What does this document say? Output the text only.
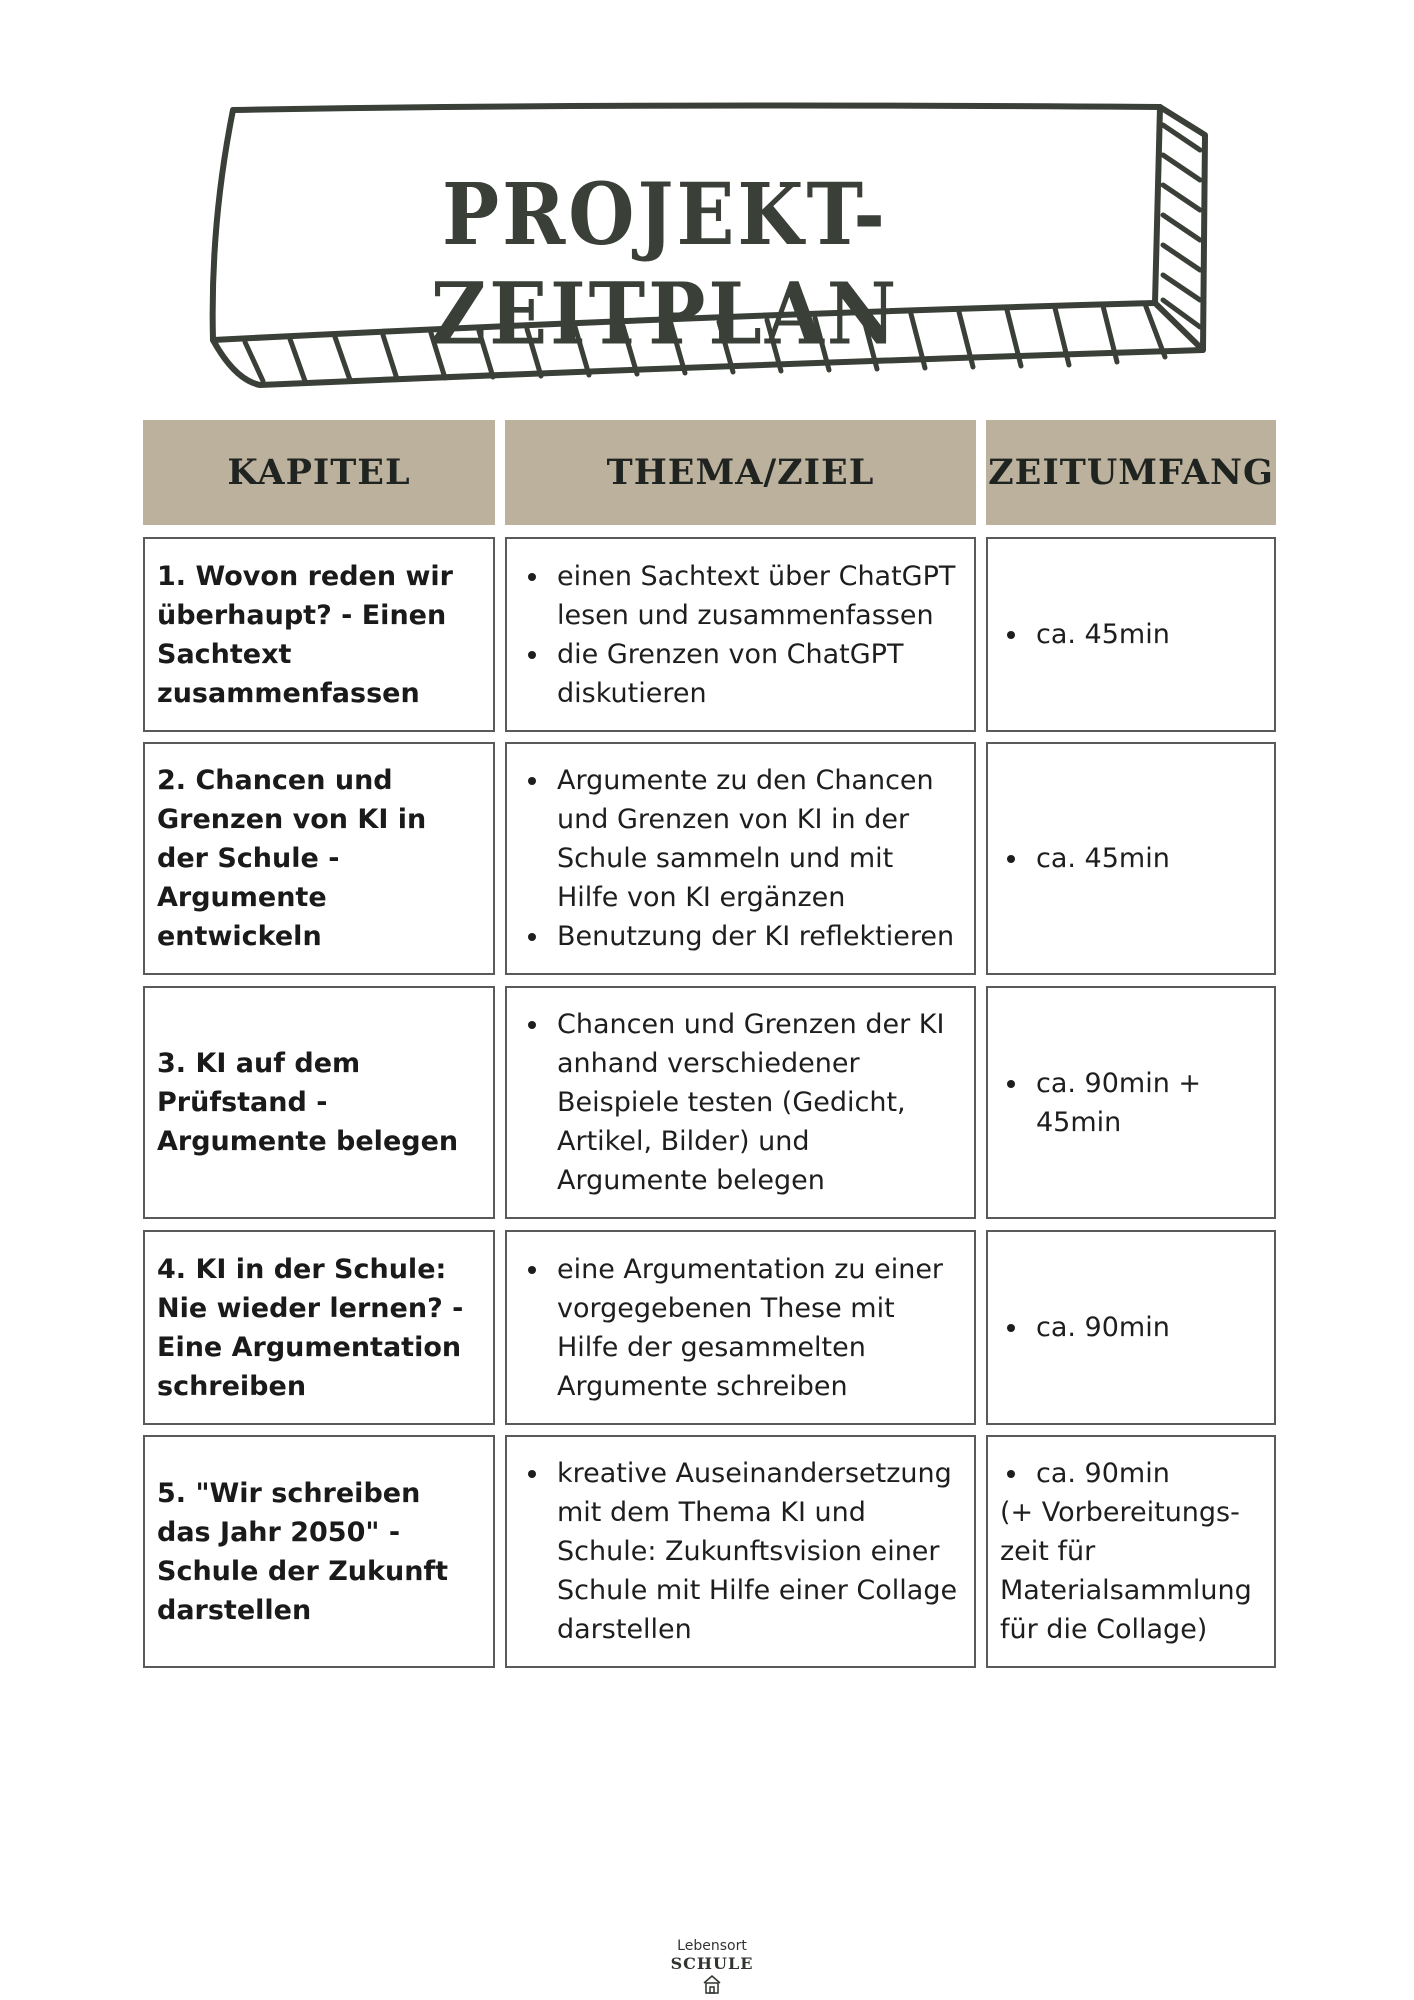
PROJEKT-ZEITPLAN
KAPITEL	THEMA/ZIEL	ZEITUMFANG
1. Wovon reden wir überhaupt? - Einen Sachtext zusammenfassen
• einen Sachtext über ChatGPT lesen und zusammenfassen
• die Grenzen von ChatGPT diskutieren
• ca. 45min
2. Chancen und Grenzen von KI in der Schule - Argumente entwickeln
• Argumente zu den Chancen und Grenzen von KI in der Schule sammeln und mit Hilfe von KI ergänzen
• Benutzung der KI reflektieren
• ca. 45min
3. KI auf dem Prüfstand - Argumente belegen
• Chancen und Grenzen der KI anhand verschiedener Beispiele testen (Gedicht, Artikel, Bilder) und Argumente belegen
• ca. 90min + 45min
4. KI in der Schule: Nie wieder lernen? - Eine Argumentation schreiben
• eine Argumentation zu einer vorgegebenen These mit Hilfe der gesammelten Argumente schreiben
• ca. 90min
5. "Wir schreiben das Jahr 2050" - Schule der Zukunft darstellen
• kreative Auseinandersetzung mit dem Thema KI und Schule: Zukunftsvision einer Schule mit Hilfe einer Collage darstellen
• ca. 90min
(+ Vorbereitungs-zeit für Materialsammlung für die Collage)
Lebensort
SCHULE
